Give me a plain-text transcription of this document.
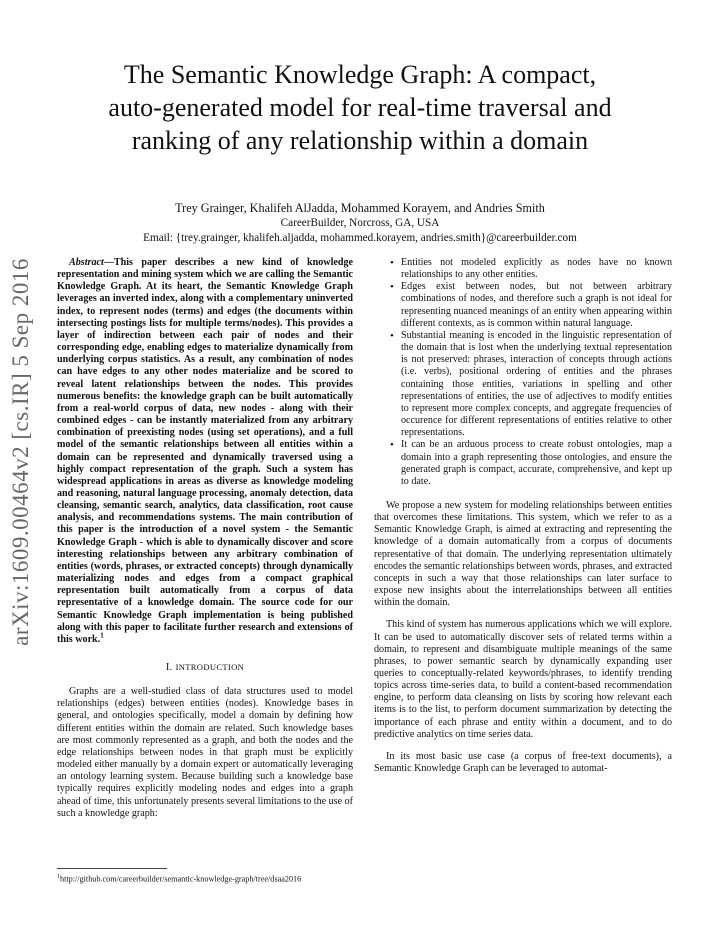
The Semantic Knowledge Graph: A compact,
auto-generated model for real-time traversal and
ranking of any relationship within a domain
Trey Grainger, Khalifeh AlJadda, Mohammed Korayem, and Andries Smith
CareerBuilder, Norcross, GA, USA
Email: {trey.grainger, khalifeh.aljadda, mohammed.korayem, andries.smith}@careerbuilder.com
arXiv:1609.00464v2 [cs.IR] 5 Sep 2016	Abstract—This paper describes a new kind of knowledge representation and mining system which we are calling the Semantic Knowledge Graph. At its heart, the Semantic Knowledge Graph leverages an inverted index, along with a complementary uninverted index, to represent nodes (terms) and edges (the documents within intersecting postings lists for multiple terms/nodes). This provides a layer of indirection between each pair of nodes and their corresponding edge, enabling edges to materialize dynamically from underlying corpus statistics. As a result, any combination of nodes can have edges to any other nodes materialize and be scored to reveal latent relationships between the nodes. This provides numerous benefits: the knowledge graph can be built automatically from a real-world corpus of data, new nodes - along with their combined edges - can be instantly materialized from any arbitrary combination of preexisting nodes (using set operations), and a full model of the semantic relationships between all entities within a domain can be represented and dynamically traversed using a highly compact representation of the graph. Such a system has widespread applications in areas as diverse as knowledge modeling and reasoning, natural language processing, anomaly detection, data cleansing, semantic search, analytics, data classification, root cause analysis, and recommendations systems. The main contribution of this paper is the introduction of a novel system - the Semantic Knowledge Graph - which is able to dynamically discover and score interesting relationships between any arbitrary combination of entities (words, phrases, or extracted concepts) through dynamically materializing nodes and edges from a compact graphical representation built automatically from a corpus of data representative of a knowledge domain. The source code for our Semantic Knowledge Graph implementation is being published along with this paper to facilitate further research and extensions of this work.$^1$

I. INTRODUCTION

Graphs are a well-studied class of data structures used to model relationships (edges) between entities (nodes). Knowledge bases in general, and ontologies specifically, model a domain by defining how different entities within the domain are related. Such knowledge bases are most commonly represented as a graph, and both the nodes and the edge relationships between nodes in that graph must be explicitly modeled either manually by a domain expert or automatically leveraging an ontology learning system. Because building such a knowledge base typically requires explicitly modeling nodes and edges into a graph ahead of time, this unfortunately presents several limitations to the use of such a knowledge graph:

• Entities not modeled explicitly as nodes have no known relationships to any other entities.
• Edges exist between nodes, but not between arbitrary combinations of nodes, and therefore such a graph is not ideal for representing nuanced meanings of an entity when appearing within different contexts, as is common within natural language.
• Substantial meaning is encoded in the linguistic representation of the domain that is lost when the underlying textual representation is not preserved: phrases, interaction of concepts through actions (i.e. verbs), positional ordering of entities and the phrases containing those entities, variations in spelling and other representations of entities, the use of adjectives to modify entities to represent more complex concepts, and aggregate frequencies of occurence for different representations of entities relative to other representations.
• It can be an arduous process to create robust ontologies, map a domain into a graph representing those ontologies, and ensure the generated graph is compact, accurate, comprehensive, and kept up to date.

We propose a new system for modeling relationships between entities that overcomes these limitations. This system, which we refer to as a Semantic Knowledge Graph, is aimed at extracting and representing the knowledge of a domain automatically from a corpus of documents representative of that domain. The underlying representation ultimately encodes the semantic relationships between words, phrases, and extracted concepts in such a way that those relationships can later surface to expose new insights about the interrelationships between all entities within the domain.

This kind of system has numerous applications which we will explore. It can be used to automatically discover sets of related terms within a domain, to represent and disambiguate multiple meanings of the same phrases, to power semantic search by dynamically expanding user queries to conceptually-related keywords/phrases, to identify trending topics across time-series data, to build a content-based recommendation engine, to perform data cleansing on lists by scoring how relevant each items is to the list, to perform document summarization by detecting the importance of each phrase and entity within a document, and to do predictive analytics on time series data.

In its most basic use case (a corpus of free-text documents), a Semantic Knowledge Graph can be leveraged to automat-

$^1$http://github.com/careerbuilder/semantic-knowledge-graph/tree/dsaa2016
